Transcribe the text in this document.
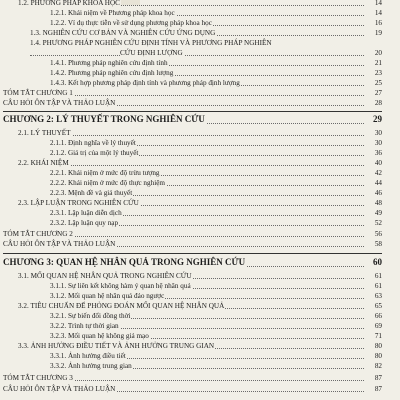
1.2. PHƯƠNG PHÁP KHOA HỌC	14
1.2.1. Khái niệm về Phương pháp khoa học	14
1.2.2. Ví dụ thực tiễn về sử dụng phương pháp khoa học	16
1.3. NGHIÊN CỨU CƠ BẢN VÀ NGHIÊN CỨU ỨNG DỤNG	19
1.4. PHƯƠNG PHÁP NGHIÊN CỨU ĐỊNH TÍNH VÀ PHƯƠNG PHÁP NGHIÊN
CỨU ĐỊNH LƯỢNG	20
1.4.1. Phương pháp nghiên cứu định tính	21
1.4.2. Phương pháp nghiên cứu định lượng	23
1.4.3. Kết hợp phương pháp định tính và phương pháp định lượng	25
TÓM TẮT CHƯƠNG 1	27
CÂU HỎI ÔN TẬP VÀ THẢO LUẬN	28
CHƯƠNG 2: LÝ THUYẾT TRONG NGHIÊN CỨU	29
2.1. LÝ THUYẾT	30
2.1.1. Định nghĩa về lý thuyết	30
2.1.2. Giá trị của một lý thuyết	36
2.2. KHÁI NIỆM	40
2.2.1. Khái niệm ở mức độ trừu tượng	42
2.2.2. Khái niệm ở mức độ thực nghiệm	44
2.2.3. Mệnh đề và giả thuyết	46
2.3. LẬP LUẬN TRONG NGHIÊN CỨU	48
2.3.1. Lập luận diễn dịch	49
2.3.2. Lập luận quy nạp	52
TÓM TẮT CHƯƠNG 2	56
CÂU HỎI ÔN TẬP VÀ THẢO LUẬN	58
CHƯƠNG 3: QUAN HỆ NHÂN QUẢ TRONG NGHIÊN CỨU	60
3.1. MỐI QUAN HỆ NHÂN QUẢ TRONG NGHIÊN CỨU	61
3.1.1. Sự liên kết không hàm ý quan hệ nhân quả	61
3.1.2. Mối quan hệ nhân quả đảo ngược	63
3.2. TIÊU CHUẨN ĐỂ PHỎNG ĐOÁN MỐI QUAN HỆ NHÂN QUẢ	65
3.2.1. Sự biến đổi đồng thời	66
3.2.2. Trình tự thời gian	69
3.2.3. Mối quan hệ không giả mạo	71
3.3. ẢNH HƯỞNG ĐIỀU TIẾT VÀ ẢNH HƯỞNG TRUNG GIAN	80
3.3.1. Ảnh hưởng điều tiết	80
3.3.2. Ảnh hưởng trung gian	82
TÓM TẮT CHƯƠNG 3	87
CÂU HỎI ÔN TẬP VÀ THẢO LUẬN	87
